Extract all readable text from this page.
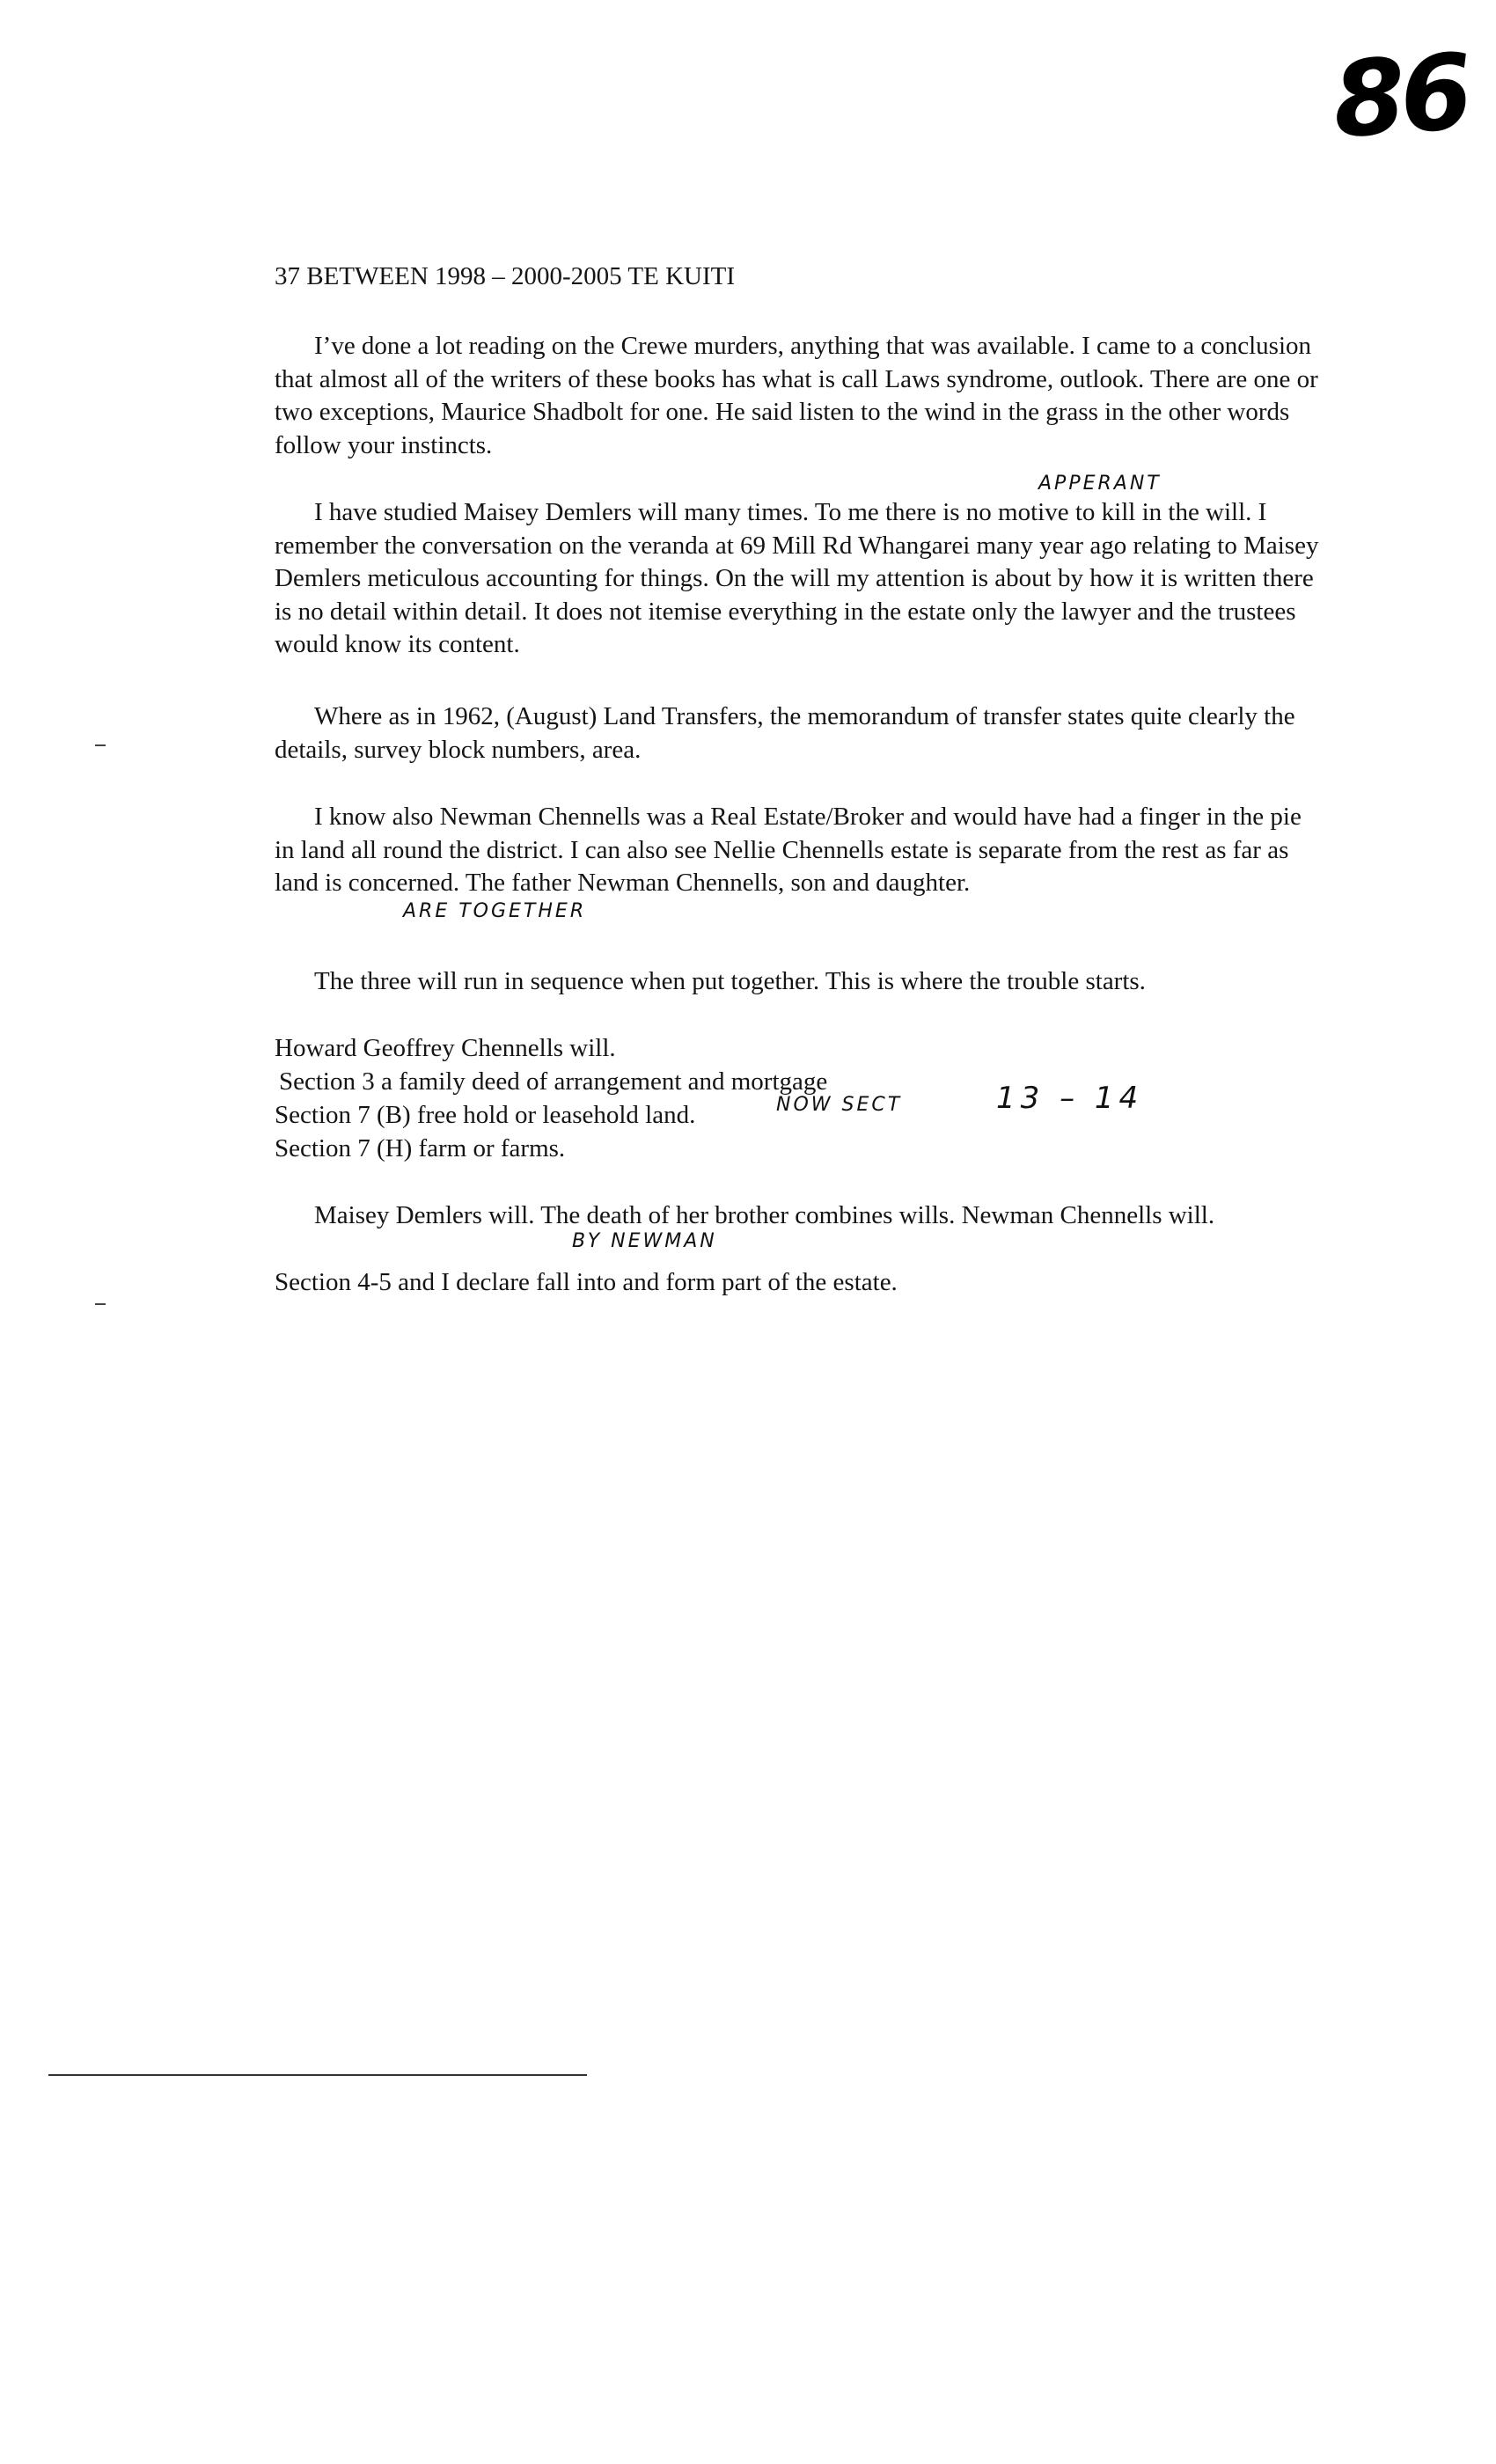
86
37 BETWEEN 1998 – 2000-2005 TE KUITI

I’ve done a lot reading on the Crewe murders, anything that was available. I came to a conclusion that almost all of the writers of these books has what is call Laws syndrome, outlook. There are one or two exceptions, Maurice Shadbolt for one. He said listen to the wind in the grass in the other words follow your instincts.

APPERANT

I have studied Maisey Demlers will many times. To me there is no motive to kill in the will. I remember the conversation on the veranda at 69 Mill Rd Whangarei many year ago relating to Maisey Demlers meticulous accounting for things. On the will my attention is about by how it is written there is no detail within detail. It does not itemise everything in the estate only the lawyer and the trustees would know its content.

Where as in 1962, (August) Land Transfers, the memorandum of transfer states quite clearly the details, survey block numbers, area.

I know also Newman Chennells was a Real Estate/Broker and would have had a finger in the pie in land all round the district. I can also see Nellie Chennells estate is separate from the rest as far as land is concerned. The father Newman Chennells, son and daughter.

ARE TOGETHER

The three will run in sequence when put together. This is where the trouble starts.

Howard Geoffrey Chennells will.
Section 3 a family deed of arrangement and mortgage
Section 7 (B) free hold or leasehold land.	NOW SECT	13 – 14
Section 7 (H) farm or farms.

Maisey Demlers will. The death of her brother combines wills. Newman Chennells will.

BY NEWMAN
Section 4-5 and I declare fall into and form part of the estate.
